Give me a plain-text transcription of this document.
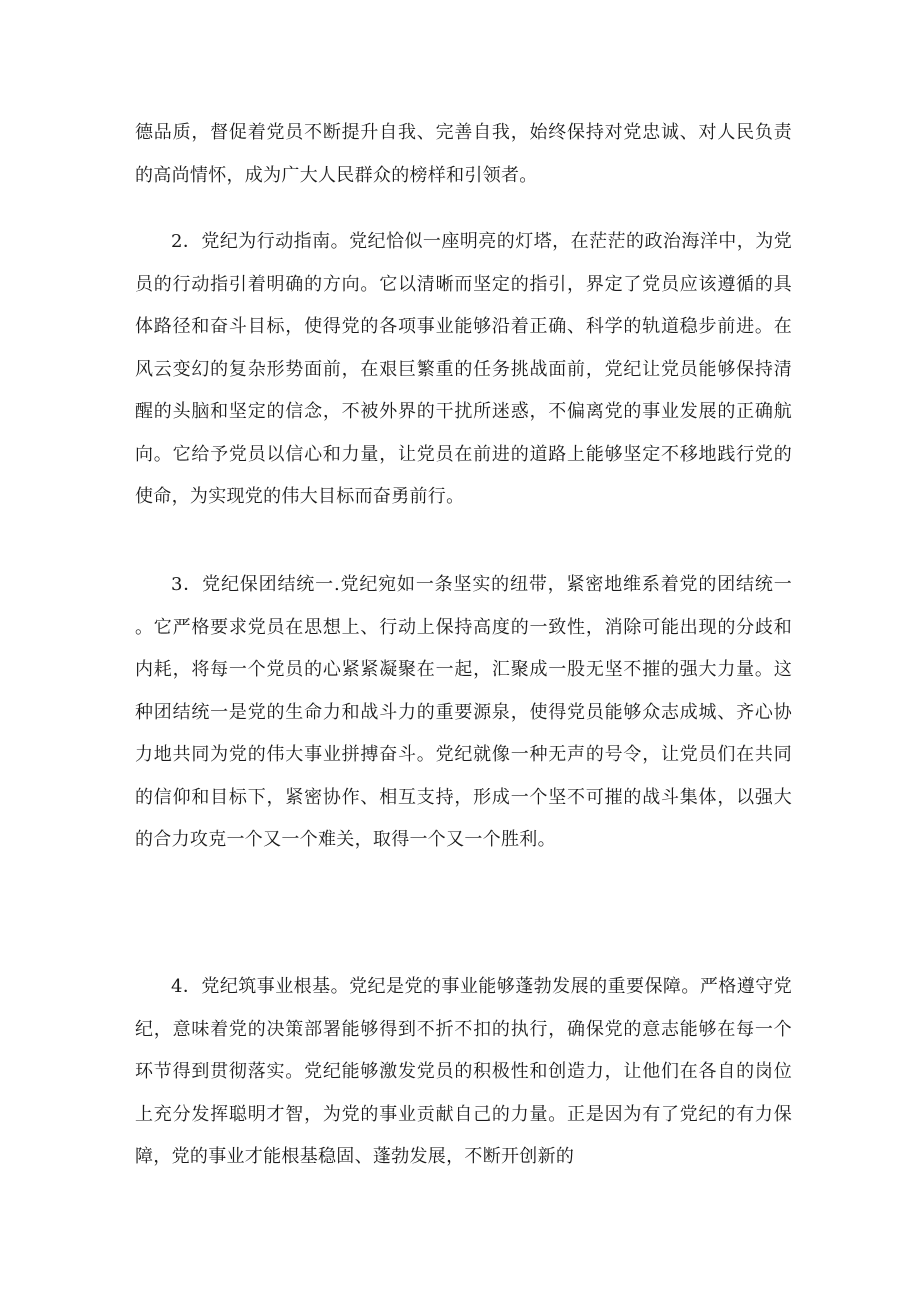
德品质，督促着党员不断提升自我、完善自我，始终保持对党忠诚、对人民负责的高尚情怀，成为广大人民群众的榜样和引领者。

2．党纪为行动指南。党纪恰似一座明亮的灯塔，在茫茫的政治海洋中，为党员的行动指引着明确的方向。它以清晰而坚定的指引，界定了党员应该遵循的具体路径和奋斗目标，使得党的各项事业能够沿着正确、科学的轨道稳步前进。在风云变幻的复杂形势面前，在艰巨繁重的任务挑战面前，党纪让党员能够保持清醒的头脑和坚定的信念，不被外界的干扰所迷惑，不偏离党的事业发展的正确航向。它给予党员以信心和力量，让党员在前进的道路上能够坚定不移地践行党的使命，为实现党的伟大目标而奋勇前行。

3．党纪保团结统一.党纪宛如一条坚实的纽带，紧密地维系着党的团结统一。它严格要求党员在思想上、行动上保持高度的一致性，消除可能出现的分歧和内耗，将每一个党员的心紧紧凝聚在一起，汇聚成一股无坚不摧的强大力量。这种团结统一是党的生命力和战斗力的重要源泉，使得党员能够众志成城、齐心协力地共同为党的伟大事业拼搏奋斗。党纪就像一种无声的号令，让党员们在共同的信仰和目标下，紧密协作、相互支持，形成一个坚不可摧的战斗集体，以强大的合力攻克一个又一个难关，取得一个又一个胜利。

4．党纪筑事业根基。党纪是党的事业能够蓬勃发展的重要保障。严格遵守党纪，意味着党的决策部署能够得到不折不扣的执行，确保党的意志能够在每一个环节得到贯彻落实。党纪能够激发党员的积极性和创造力，让他们在各自的岗位上充分发挥聪明才智，为党的事业贡献自己的力量。正是因为有了党纪的有力保障，党的事业才能根基稳固、蓬勃发展，不断开创新的
